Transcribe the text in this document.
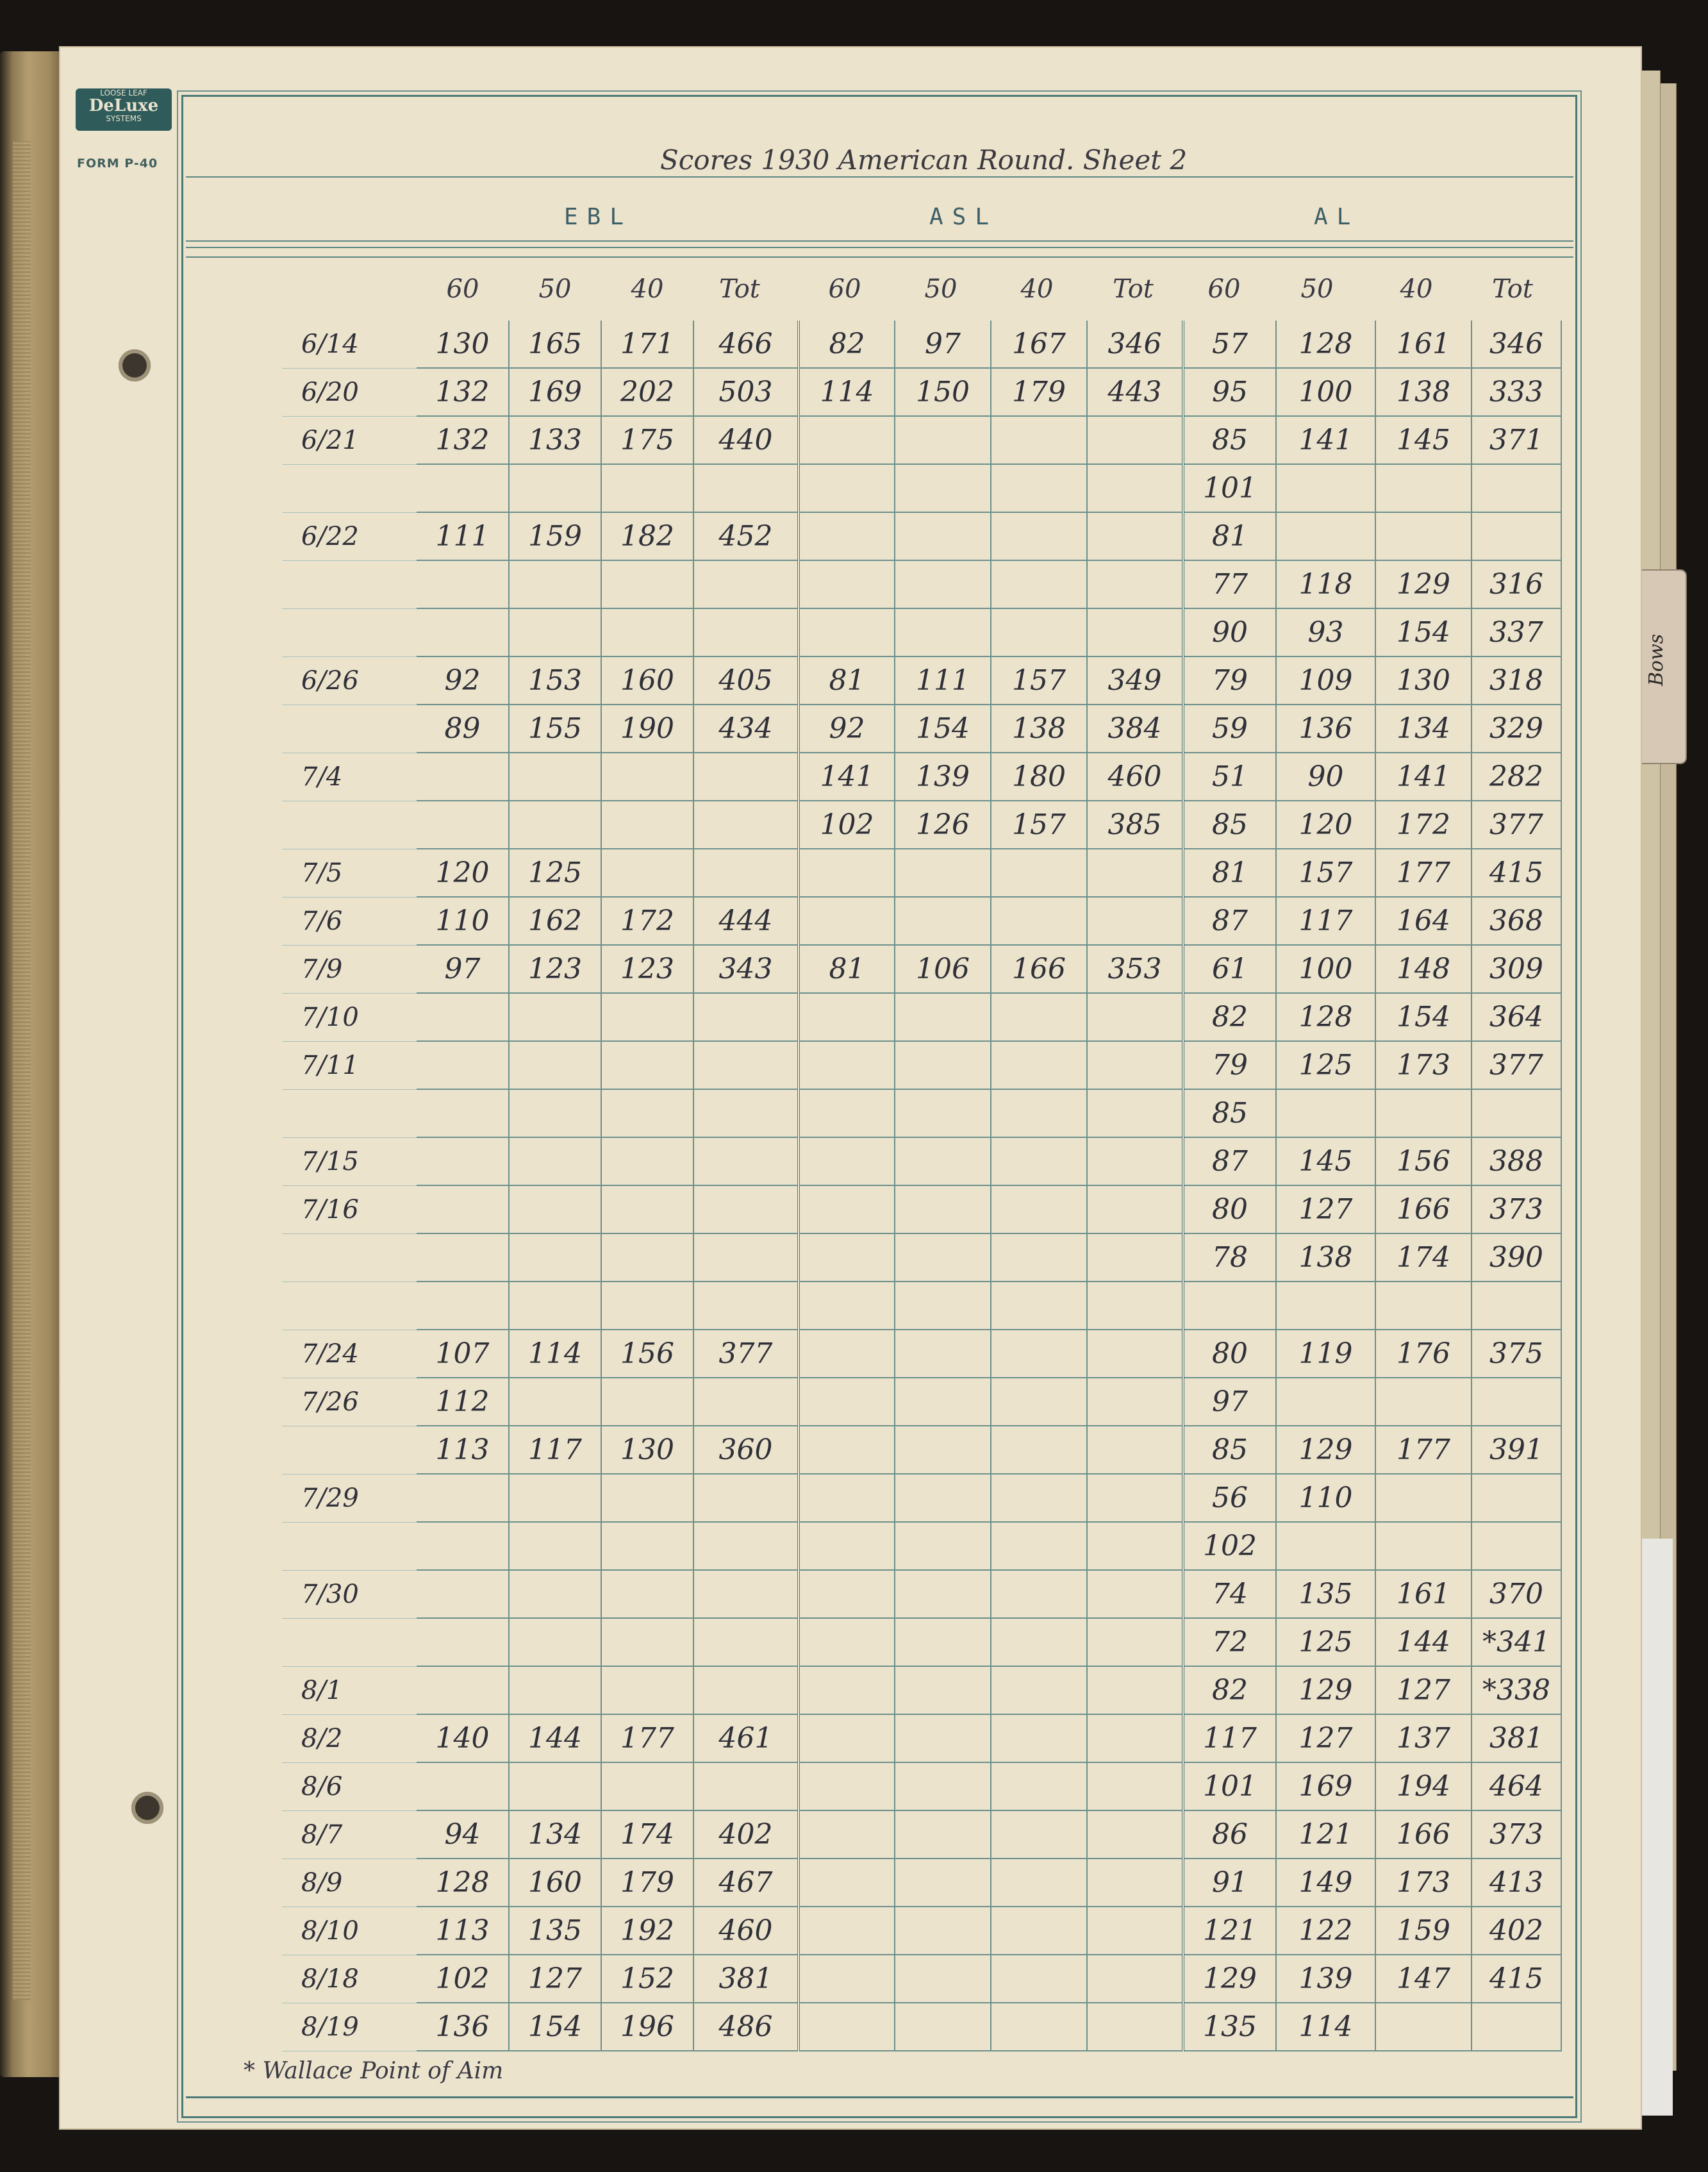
Bows
LOOSE LEAF
DeLuxe
SYSTEMS
FORM P-40	Scores 1930 American Round. Sheet 2
EBL	ASL	AL
60	50	40	Tot	60	50	40	Tot	60	50	40	Tot
6/14	130	165	171	466	82	97	167	346	57	128	161	346
6/20	132	169	202	503	114	150	179	443	95	100	138	333
6/21	132	133	175	440					85	141	145	371
									101			
6/22	111	159	182	452					81			
									77	118	129	316
									90	93	154	337
6/26	92	153	160	405	81	111	157	349	79	109	130	318
	89	155	190	434	92	154	138	384	59	136	134	329
7/4					141	139	180	460	51	90	141	282
					102	126	157	385	85	120	172	377
7/5	120	125							81	157	177	415
7/6	110	162	172	444					87	117	164	368
7/9	97	123	123	343	81	106	166	353	61	100	148	309
7/10									82	128	154	364
7/11									79	125	173	377
									85			
7/15									87	145	156	388
7/16									80	127	166	373
									78	138	174	390

7/24	107	114	156	377					80	119	176	375
7/26	112								97			
	113	117	130	360					85	129	177	391
7/29									56	110		
									102			
7/30									74	135	161	370
									72	125	144	*341
8/1									82	129	127	*338
8/2	140	144	177	461					117	127	137	381
8/6									101	169	194	464
8/7	94	134	174	402					86	121	166	373
8/9	128	160	179	467					91	149	173	413
8/10	113	135	192	460					121	122	159	402
8/18	102	127	152	381					129	139	147	415
8/19	136	154	196	486					135	114		
* Wallace Point of Aim
